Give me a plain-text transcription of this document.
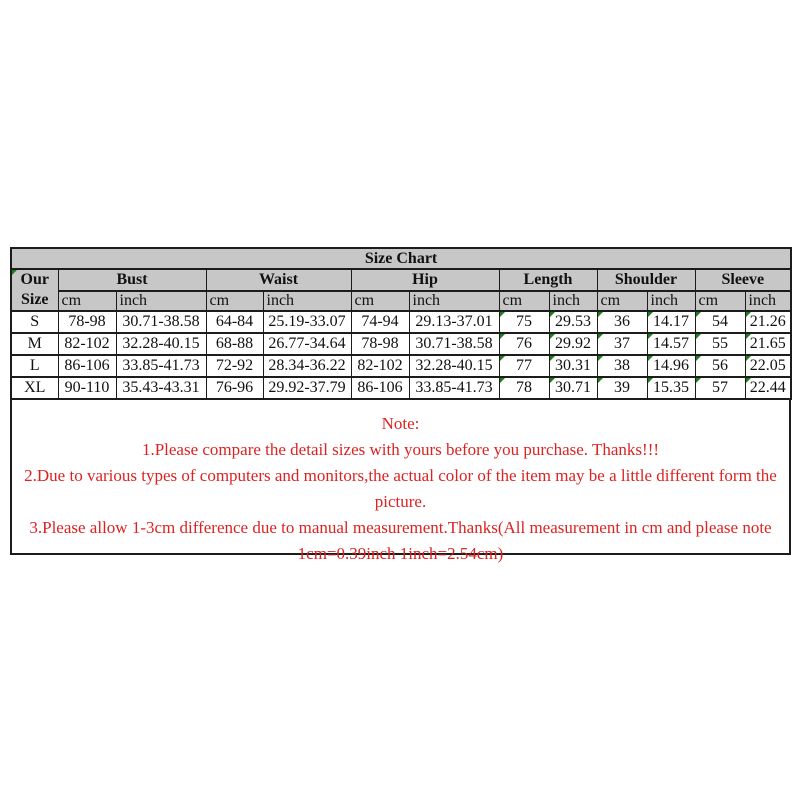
Size Chart												

Our
Size	Bust		Waist		Hip		Length		Shoulder		Sleeve	
	cm	inch	cm	inch	cm	inch	cm	inch	cm	inch	cm	inch
S	78-98	30.71-38.58	64-84	25.19-33.07	74-94	29.13-37.01	75	29.53	36	14.17	54	21.26
M	82-102	32.28-40.15	68-88	26.77-34.64	78-98	30.71-38.58	76	29.92	37	14.57	55	21.65
L	86-106	33.85-41.73	72-92	28.34-36.22	82-102	32.28-40.15	77	30.31	38	14.96	56	22.05
XL	90-110	35.43-43.31	76-96	29.92-37.79	86-106	33.85-41.73	78	30.71	39	15.35	57	22.44
Note:
1.Please compare the detail sizes with yours before you purchase. Thanks!!!
2.Due to various types of computers and monitors,the actual color of the item may be a little different form the picture.
3.Please allow 1-3cm difference due to manual measurement.Thanks(All measurement in cm and please note 1cm=0.39inch 1inch=2.54cm)
